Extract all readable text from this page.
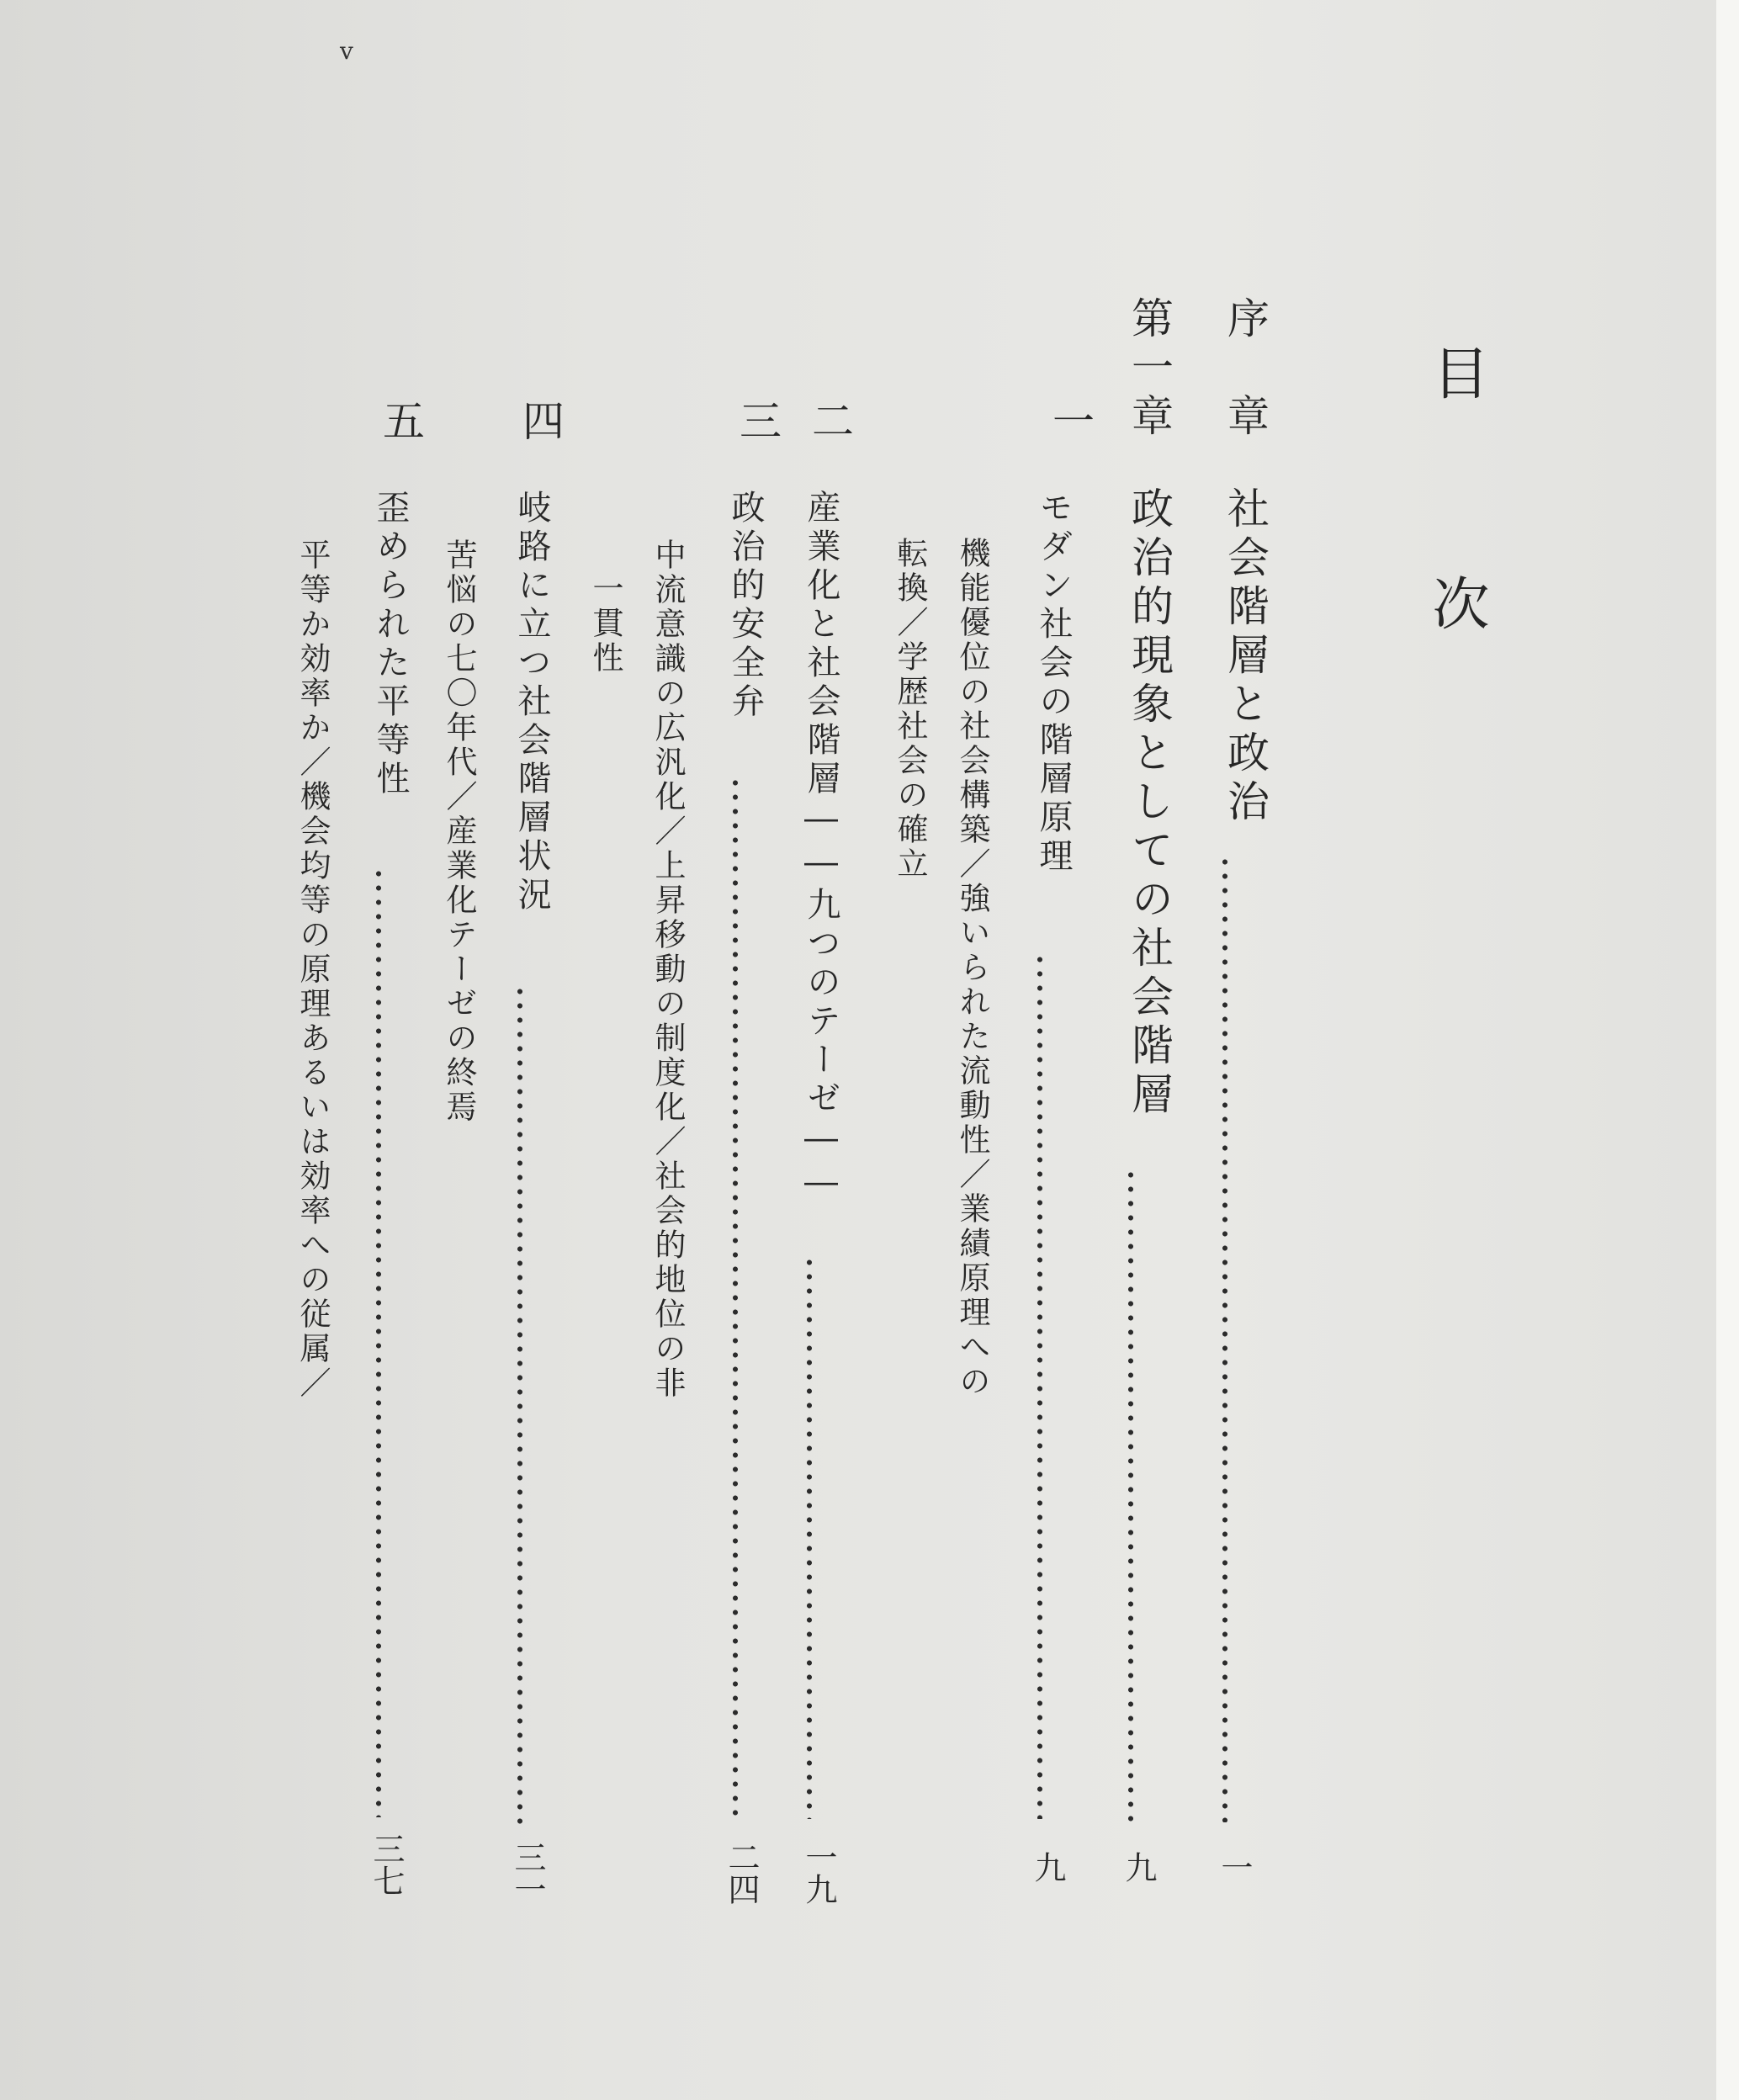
v
目
次
序　章
社会階層と政治
一
第一章
政治的現象としての社会階層
九
一
モダン社会の階層原理
九
機能優位の社会構築／強いられた流動性／業績原理への
転換／学歴社会の確立
二
産業化と社会階層――九つのテーゼ――
一九
三
政治的安全弁
二四
中流意識の広汎化／上昇移動の制度化／社会的地位の非
一貫性
四
岐路に立つ社会階層状況
三一
苦悩の七〇年代／産業化テーゼの終焉
五
歪められた平等性
三七
平等か効率か／機会均等の原理あるいは効率への従属／
